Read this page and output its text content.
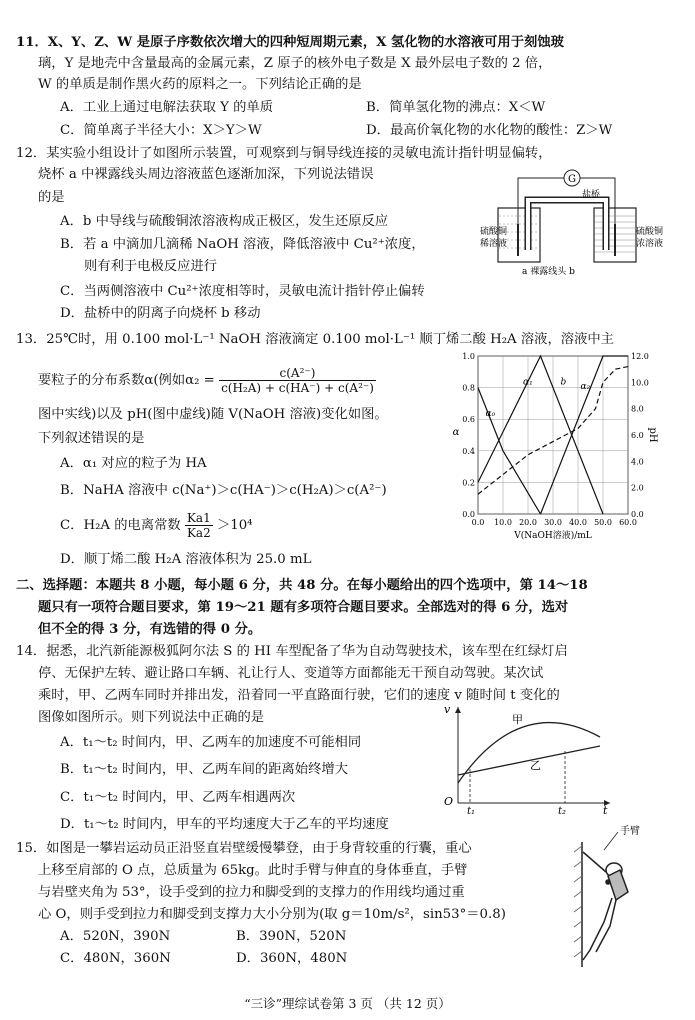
11．X、Y、Z、W 是原子序数依次增大的四种短周期元素，X 氢化物的水溶液可用于刻蚀玻
璃，Y 是地壳中含量最高的金属元素，Z 原子的核外电子数是 X 最外层电子数的 2 倍，
W 的单质是制作黑火药的原料之一。下列结论正确的是
A．工业上通过电解法获取 Y 的单质	B．简单氢化物的沸点：X＜W
C．简单离子半径大小：X＞Y＞W	D．最高价氧化物的水化物的酸性：Z＞W
12．某实验小组设计了如图所示装置，可观察到与铜导线连接的灵敏电流计指针明显偏转，
烧杯 a 中裸露线头周边溶液蓝色逐渐加深，下列说法错误
的是
A．b 中导线与硫酸铜浓溶液构成正极区，发生还原反应
B．若 a 中滴加几滴稀 NaOH 溶液，降低溶液中 Cu²⁺浓度，
则有利于电极反应进行
C．当两侧溶液中 Cu²⁺浓度相等时，灵敏电流计指针停止偏转
D．盐桥中的阴离子向烧杯 b 移动
G
盐桥
硫酸铜
稀溶液
硫酸铜
浓溶液
a 裸露线头 b
13．25℃时，用 0.100 mol·L⁻¹ NaOH 溶液滴定 0.100 mol·L⁻¹ 顺丁烯二酸 H₂A 溶液，溶液中主
要粒子的分布系数α(例如$\alpha_2 = \frac{\text{c(A²⁻)}}{\text{c(H₂A) + c(HA⁻) + c(A²⁻)}}$
图中实线)以及 pH(图中虚线)随 V(NaOH 溶液)变化如图。
下列叙述错误的是
A．α₁ 对应的粒子为 HA
B．NaHA 溶液中 c(Na⁺)＞c(HA⁻)＞c(H₂A)＞c(A²⁻)
C．H₂A 的电离常数 $\frac{Ka1}{Ka2} >10^4$
D．顺丁烯二酸 H₂A 溶液体积为 25.0 mL
0.0 10.0 20.0 30.0 40.0 50.0 60.0
0.0
0.2
0.4
0.6
0.8
1.0
0.0
2.0
4.0
6.0
8.0
10.0
12.0
V(NaOH溶液)/mL
α	pH
α₀
α₁	α₂
b
二、选择题：本题共 8 小题，每小题 6 分，共 48 分。在每小题给出的四个选项中，第 14～18
题只有一项符合题目要求，第 19～21 题有多项符合题目要求。全部选对的得 6 分，选对
但不全的得 3 分，有选错的得 0 分。
14．据悉，北汽新能源极狐阿尔法 S 的 HI 车型配备了华为自动驾驶技术，该车型在红绿灯启
停、无保护左转、避让路口车辆、礼让行人、变道等方面都能无干预自动驾驶。某次试
乘时，甲、乙两车同时并排出发，沿着同一平直路面行驶，它们的速度 v 随时间 t 变化的
图像如图所示。则下列说法中正确的是
A．t₁～t₂ 时间内，甲、乙两车的加速度不可能相同
B．t₁～t₂ 时间内，甲、乙两车间的距离始终增大
C．t₁～t₂ 时间内，甲、乙两车相遇两次
D．t₁～t₂ 时间内，甲车的平均速度大于乙车的平均速度
v
t
O
t₁	t₂
甲
乙
15．如图是一攀岩运动员正沿竖直岩壁缓慢攀登，由于身背较重的行囊，重心
上移至肩部的 O 点，总质量为 65kg。此时手臂与伸直的身体垂直，手臂
与岩壁夹角为 53°，设手受到的拉力和脚受到的支撑力的作用线均通过重
心 O，则手受到拉力和脚受到支撑力大小分别为(取 g＝10m/s²，sin53°＝0.8)
A．520N，390N	B．390N，520N
C．480N，360N	D．360N，480N
手臂
“三诊”理综试卷第 3 页 （共 12 页）
